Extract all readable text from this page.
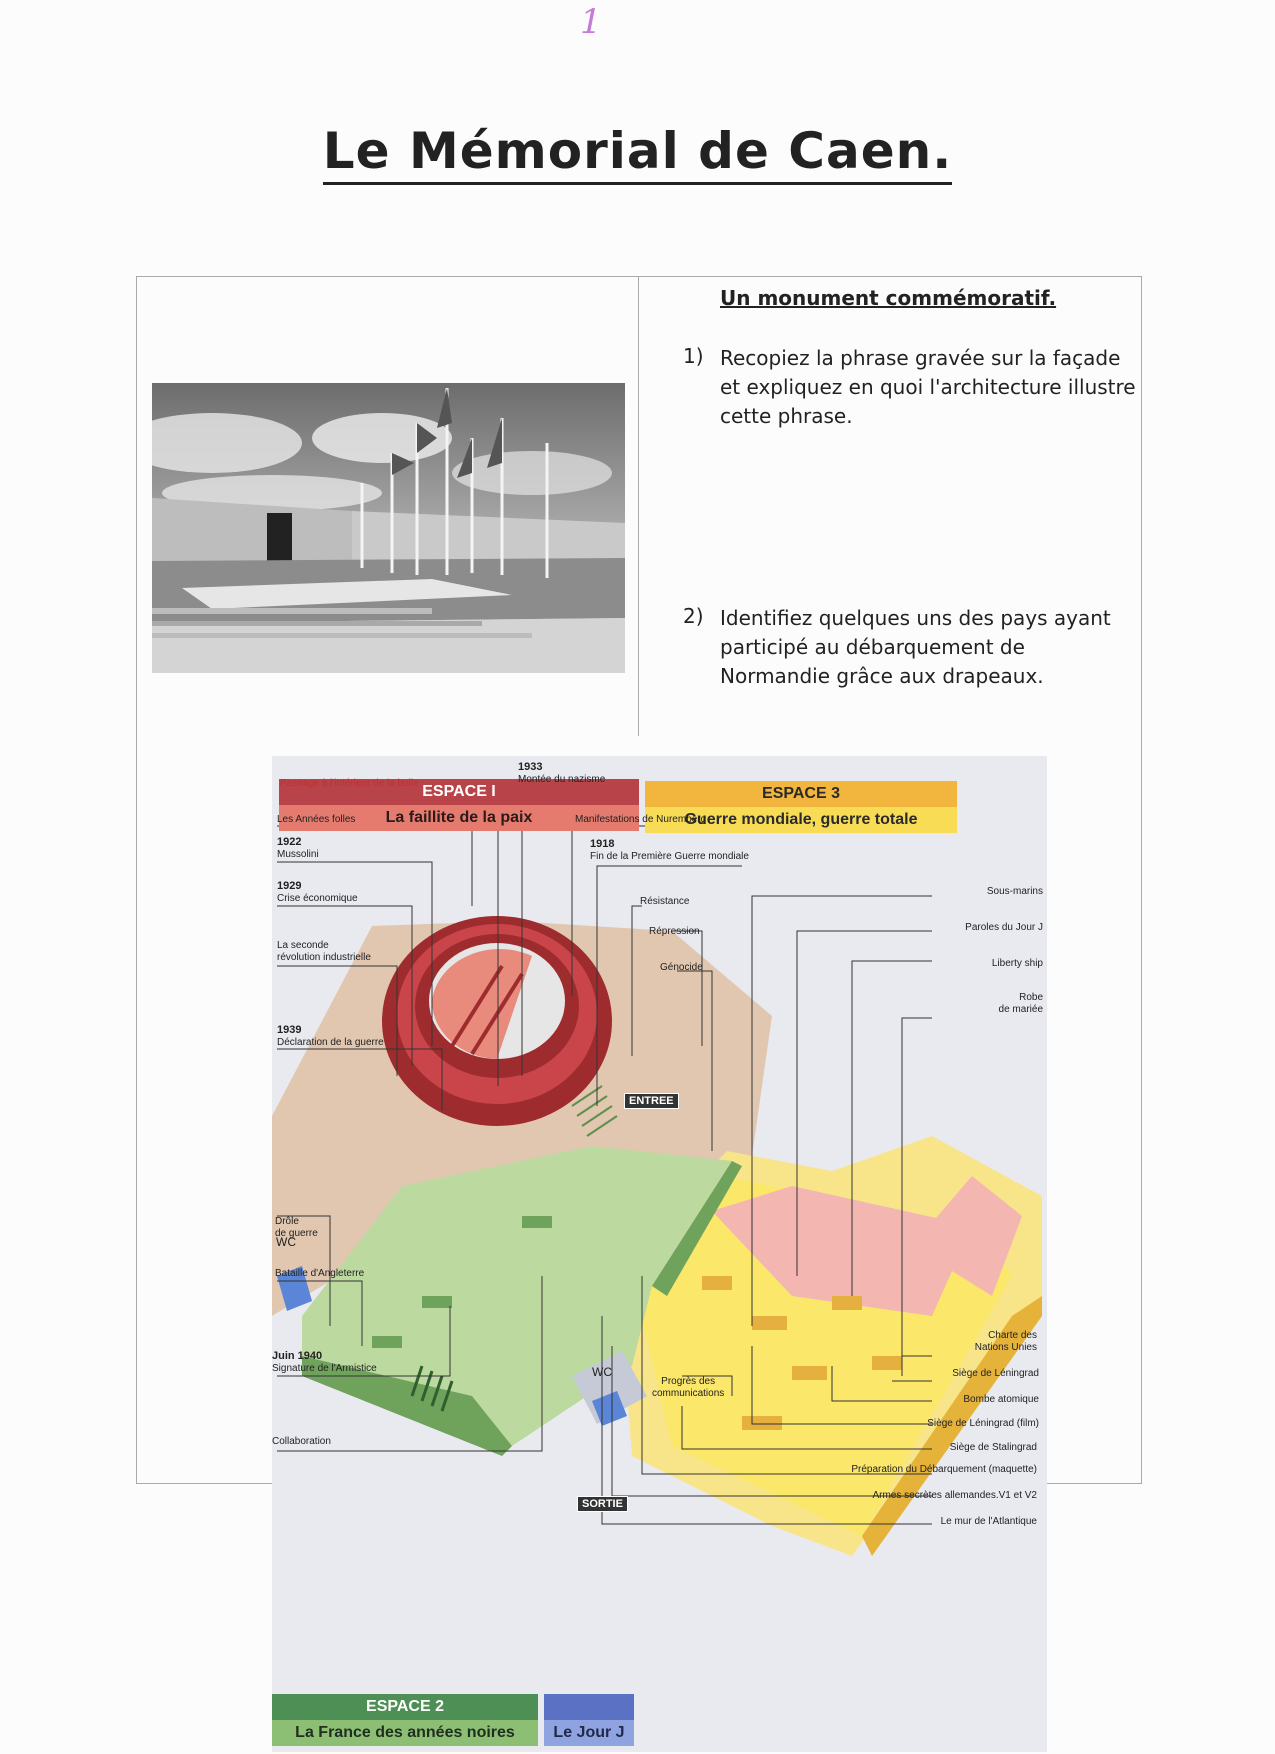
1
Le Mémorial de Caen.
Un monument commémoratif.
1) Recopiez la phrase gravée sur la façade et expliquez en quoi l'architecture illustre cette phrase.
2) Identifiez quelques uns des pays ayant participé au débarquement de Normandie grâce aux drapeaux.
ESPACE I
La faillite de la paix
ESPACE 3
Guerre mondiale, guerre totale
ESPACE 2
La France des années noires	Le Jour J
ENTREE
SORTIE
WC
WC
Passage à l'intérieur de la bulle
Les Années folles
1922
Mussolini
1929
Crise économique
La seconde
révolution industrielle
1939
Déclaration de la guerre
Drôle
de guerre
Bataille d'Angleterre
Juin 1940
Signature de l'Armistice
Collaboration
1933
Montée du nazisme
Manifestations de Nuremberg
1918
Fin de la Première Guerre mondiale
Résistance
Répression
Génocide
Sous-marins
Paroles du Jour J
Liberty ship
Robe
de mariée
Charte des
Nations Unies
Siège de Léningrad
Bombe atomique
Siège de Léningrad (film)
Siège de Stalingrad
Préparation du Débarquement (maquette)
Armes secrètes allemandes.V1 et V2
Le mur de l'Atlantique
Progrès des
communications
